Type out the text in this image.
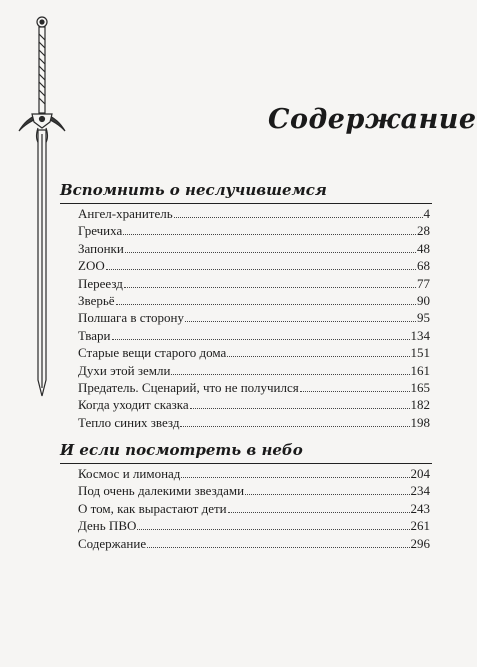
Содержание
Вспомнить о неслучившемся
Ангел-хранитель	4
Гречиха	28
Запонки	48
ZOO	68
Переезд	77
Зверьё	90
Полшага в сторону	95
Твари	134
Старые вещи старого дома	151
Духи этой земли	161
Предатель. Сценарий, что не получился	165
Когда уходит сказка	182
Тепло синих звезд	198
И если посмотреть в небо
Космос и лимонад	204
Под очень далекими звездами	234
О том, как вырастают дети	243
День ПВО	261
Содержание	296
